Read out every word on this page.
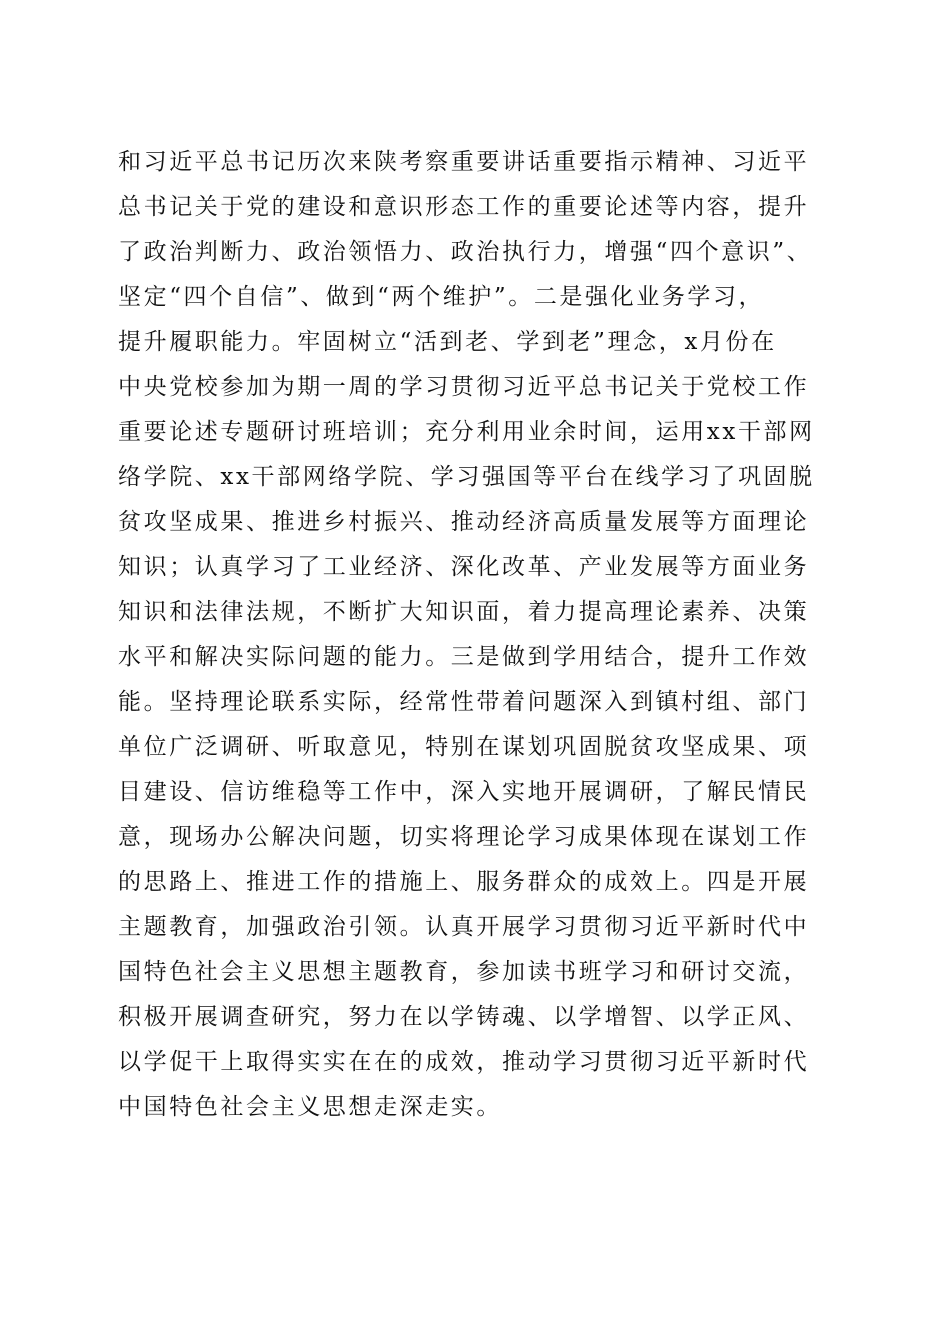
和习近平总书记历次来陕考察重要讲话重要指示精神、习近平
总书记关于党的建设和意识形态工作的重要论述等内容，提升
了政治判断力、政治领悟力、政治执行力，增强“四个意识”、
坚定“四个自信”、做到“两个维护”。二是强化业务学习，
提升履职能力。牢固树立“活到老、学到老”理念，x月份在
中央党校参加为期一周的学习贯彻习近平总书记关于党校工作
重要论述专题研讨班培训；充分利用业余时间，运用xx干部网
络学院、xx干部网络学院、学习强国等平台在线学习了巩固脱
贫攻坚成果、推进乡村振兴、推动经济高质量发展等方面理论
知识；认真学习了工业经济、深化改革、产业发展等方面业务
知识和法律法规，不断扩大知识面，着力提高理论素养、决策
水平和解决实际问题的能力。三是做到学用结合，提升工作效
能。坚持理论联系实际，经常性带着问题深入到镇村组、部门
单位广泛调研、听取意见，特别在谋划巩固脱贫攻坚成果、项
目建设、信访维稳等工作中，深入实地开展调研，了解民情民
意，现场办公解决问题，切实将理论学习成果体现在谋划工作
的思路上、推进工作的措施上、服务群众的成效上。四是开展
主题教育，加强政治引领。认真开展学习贯彻习近平新时代中
国特色社会主义思想主题教育，参加读书班学习和研讨交流，
积极开展调查研究，努力在以学铸魂、以学增智、以学正风、
以学促干上取得实实在在的成效，推动学习贯彻习近平新时代
中国特色社会主义思想走深走实。
